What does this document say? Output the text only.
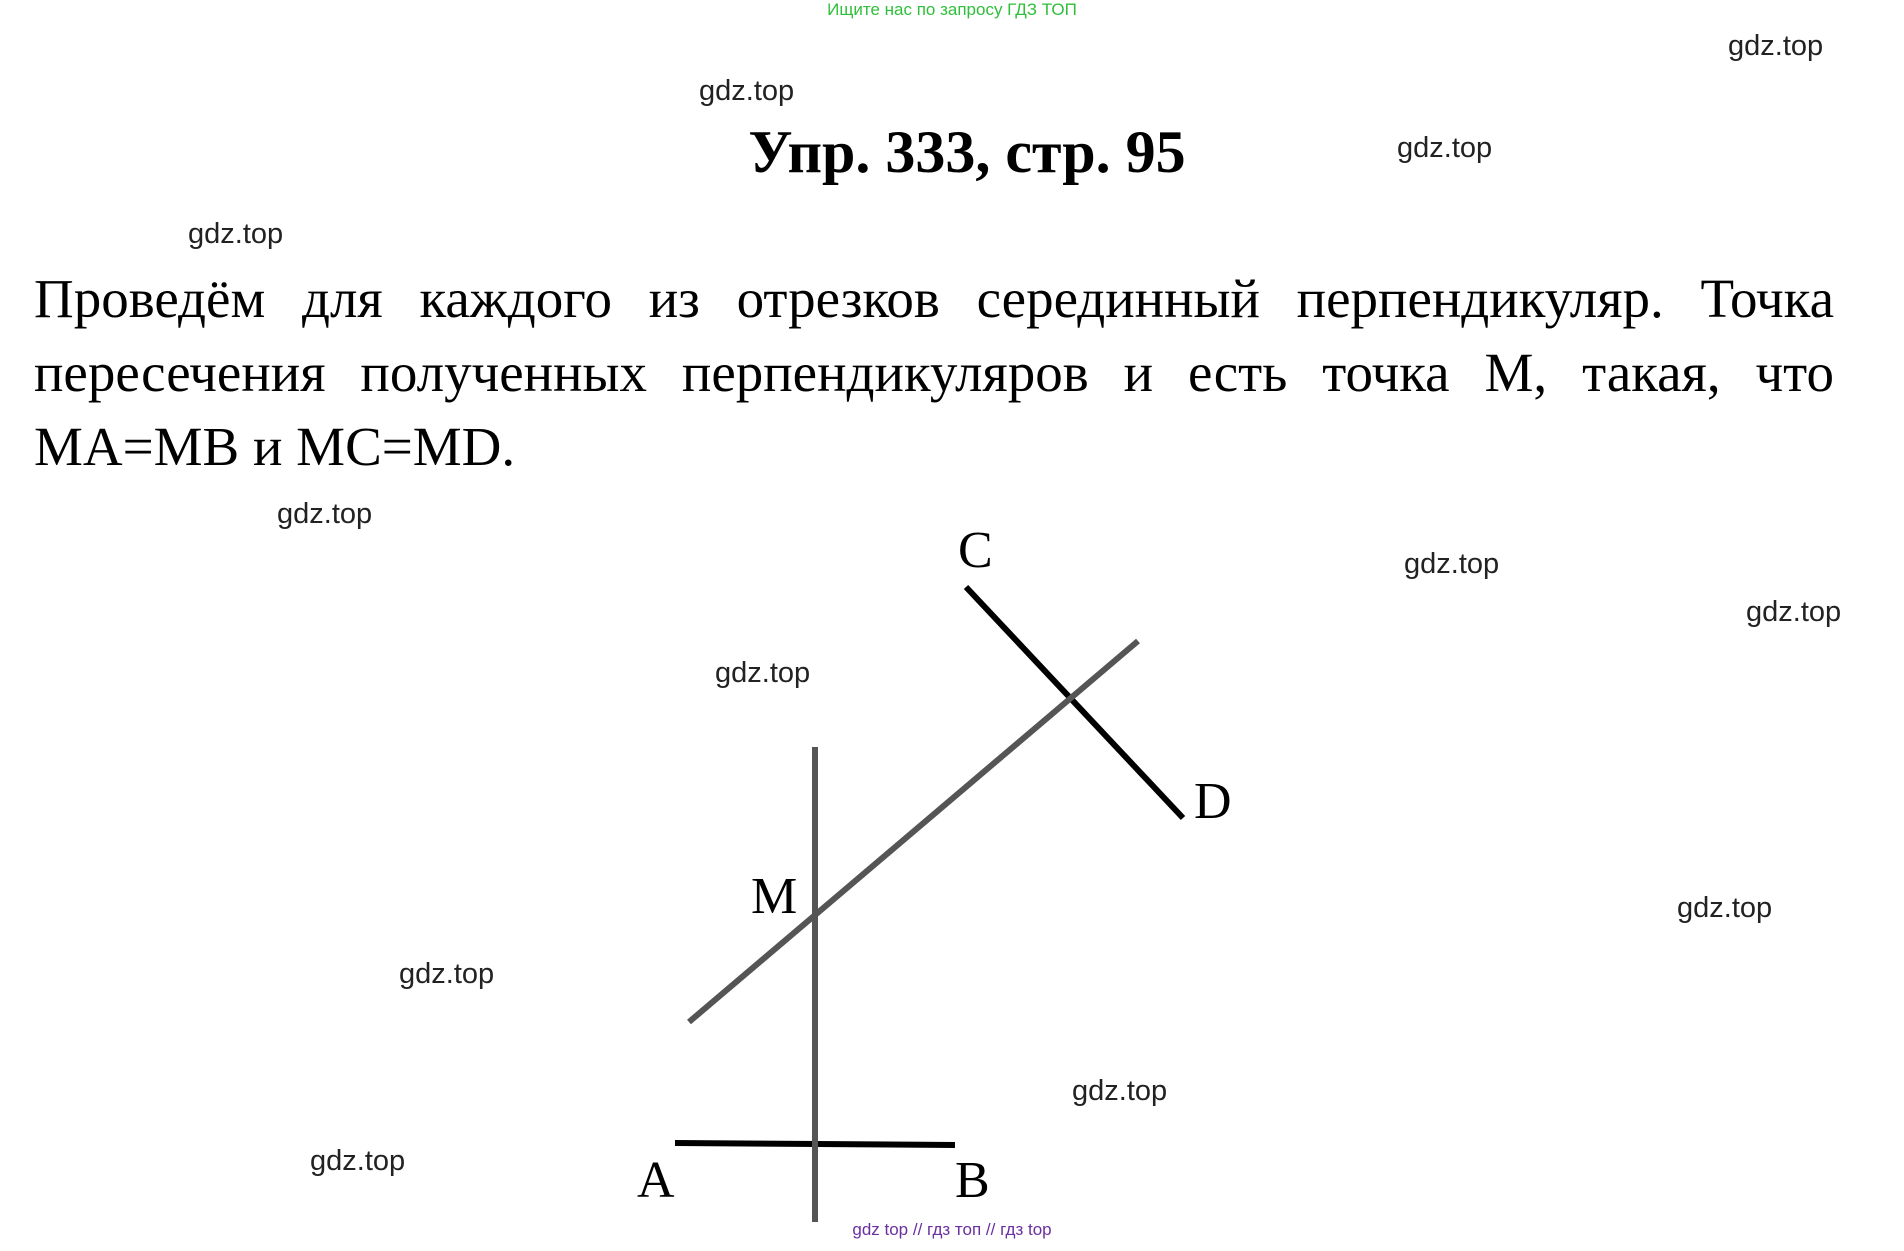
Ищите нас по запросу ГДЗ ТОП
gdz.top
gdz.top
gdz.top
gdz.top
Упр. 333, стр. 95
Проведём для каждого из отрезков серединный перпендикуляр. Точка пересечения полученных перпендикуляров и есть точка M, такая, что MA=MB и MC=MD.
gdz.top
gdz.top
gdz.top
gdz.top
gdz.top
gdz.top
gdz.top
gdz.top	A	B
C
D
M
gdz top // гдз топ // гдз top
